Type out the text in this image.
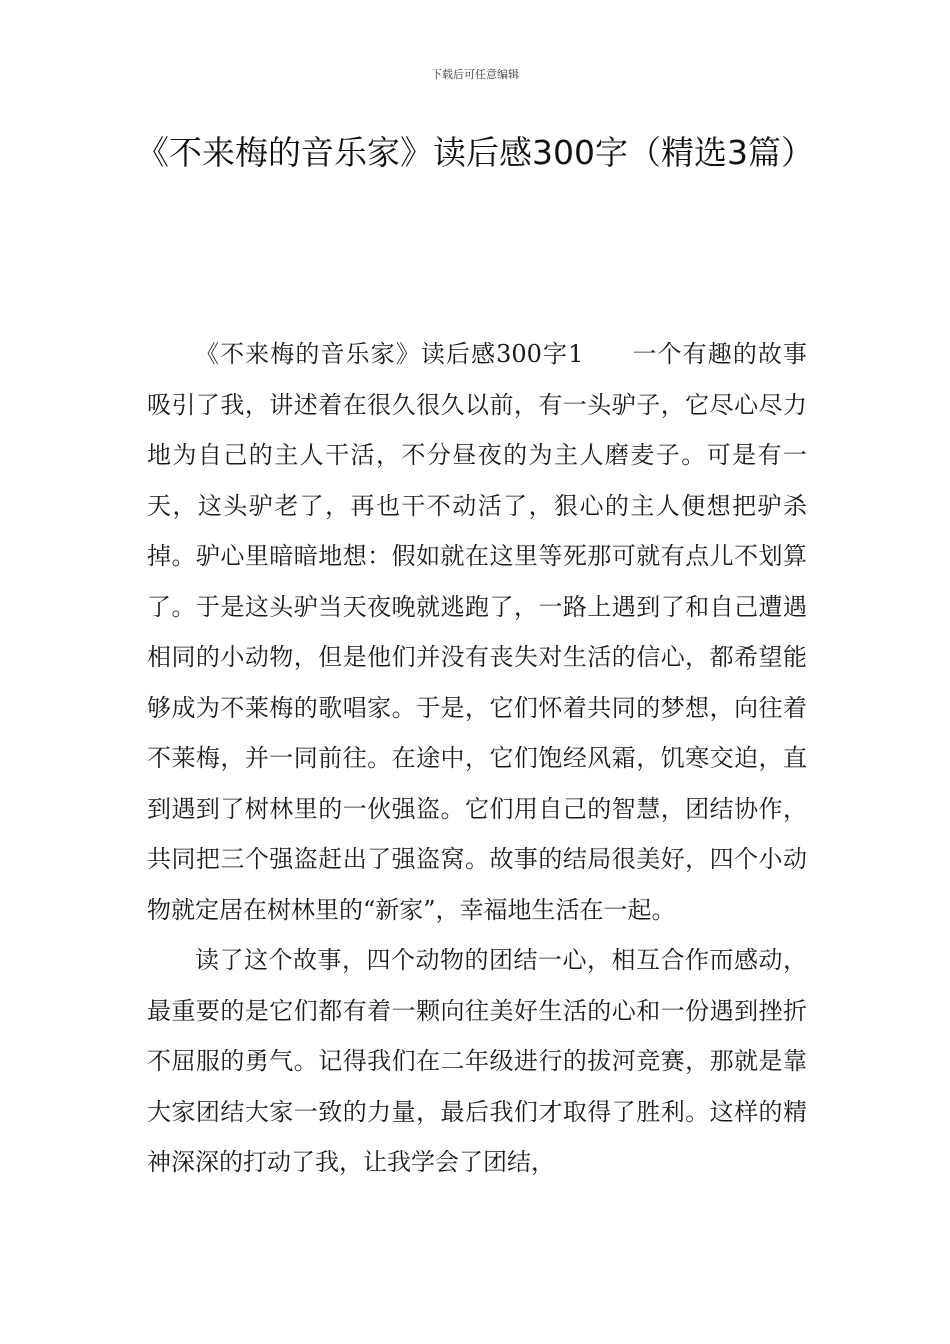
下载后可任意编辑
《不来梅的音乐家》读后感300字（精选3篇）

《不来梅的音乐家》读后感300字1 一个有趣的故事吸引了我，讲述着在很久很久以前，有一头驴子，它尽心尽力地为自己的主人干活，不分昼夜的为主人磨麦子。可是有一天，这头驴老了，再也干不动活了，狠心的主人便想把驴杀掉。驴心里暗暗地想：假如就在这里等死那可就有点儿不划算了。于是这头驴当天夜晚就逃跑了，一路上遇到了和自己遭遇相同的小动物，但是他们并没有丧失对生活的信心，都希望能够成为不莱梅的歌唱家。于是，它们怀着共同的梦想，向往着不莱梅，并一同前往。在途中，它们饱经风霜，饥寒交迫，直到遇到了树林里的一伙强盗。它们用自己的智慧，团结协作，共同把三个强盗赶出了强盗窝。故事的结局很美好，四个小动物就定居在树林里的“新家”，幸福地生活在一起。

读了这个故事，四个动物的团结一心，相互合作而感动，最重要的是它们都有着一颗向往美好生活的心和一份遇到挫折不屈服的勇气。记得我们在二年级进行的拔河竞赛，那就是靠大家团结大家一致的力量，最后我们才取得了胜利。这样的精神深深的打动了我，让我学会了团结，
